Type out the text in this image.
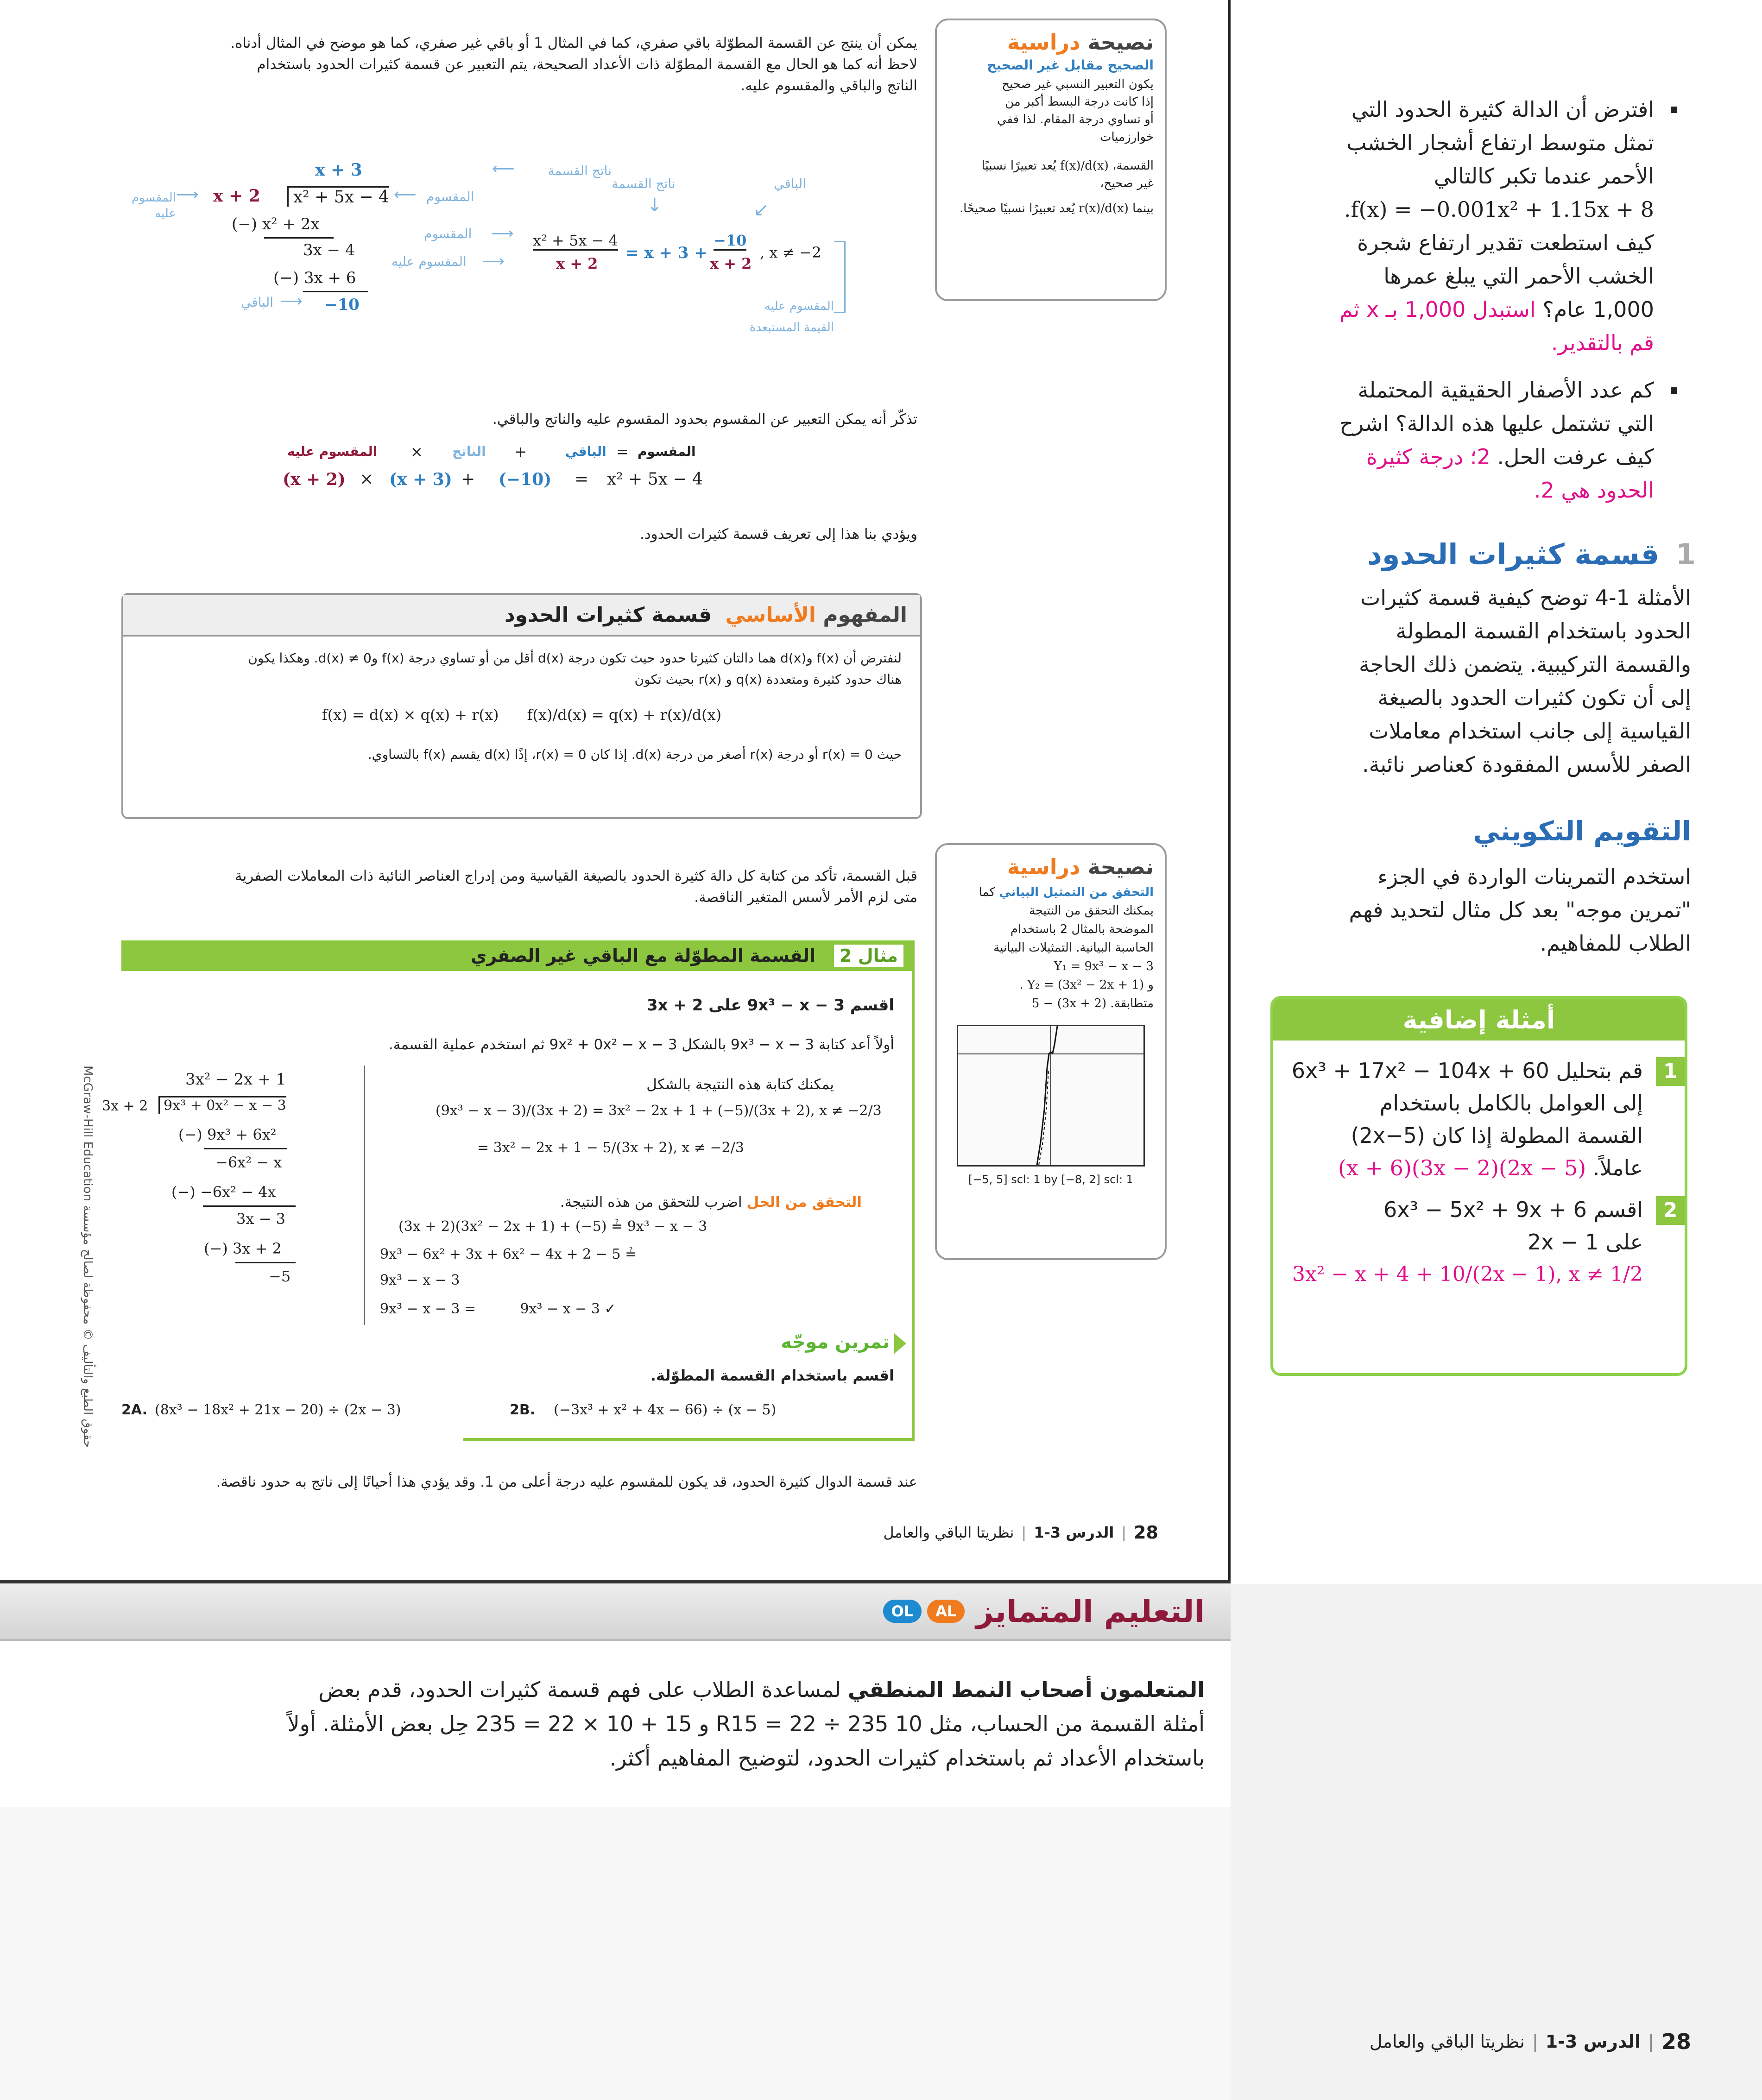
يمكن أن ينتج عن القسمة المطوّلة باقي صفري، كما في المثال 1 أو باقي غير صفري، كما هو موضح في المثال أدناه.
لاحظ أنه كما هو الحال مع القسمة المطوّلة ذات الأعداد الصحيحة، يتم التعبير عن قسمة كثيرات الحدود باستخدام
الناتج والباقي والمقسوم عليه.
نصيحة دراسية
الصحيح مقابل غير الصحيح
يكون التعبير النسبي غير صحيح
إذا كانت درجة البسط أكبر من
أو تساوي درجة المقام. لذا ففي
خوارزميات
القسمة، f(x)/d(x) يُعد تعبيرًا نسبيًا
غير صحيح،
بينما r(x)/d(x) يُعد تعبيرًا نسبيًا صحيحًا.
ناتج القسمة
⟵
x + 3
المقسوم عليه
⟶ x + 2	x² + 5x − 4 ⟵ المقسوم
(−) x² + 2x
3x − 4
(−) 3x + 6
الباقي ⟶ −10
ناتج القسمة	الباقي
↓	↙
المقسوم
المقسوم عليه
⟶
⟶
x² + 5x − 4
x + 2
= x + 3 +
−10
x + 2
, x ≠ −2
المقسوم عليه
القيمة المستبعدة
تذكّر أنه يمكن التعبير عن المقسوم بحدود المقسوم عليه والناتج والباقي.
المقسوم عليه × الناتج +	الباقي = المقسوم
(x + 2) × (x + 3) + (−10) = x² + 5x − 4
ويؤدي بنا هذا إلى تعريف قسمة كثيرات الحدود.
المفهوم الأساسي قسمة كثيرات الحدود
لنفترض أن f(x) وd(x) هما دالتان كثيرتا حدود حيث تكون درجة d(x) أقل من أو تساوي درجة f(x) وd(x) ≠ 0. وهكذا يكون
هناك حدود كثيرة ومتعددة q(x) و r(x) بحيث تكون
f(x) = d(x) × q(x) + r(x)      f(x)/d(x) = q(x) + r(x)/d(x)
حيث r(x) = 0 أو درجة r(x) أصغر من درجة d(x). إذا كان r(x) = 0، إذًا d(x) يقسم f(x) بالتساوي.
قبل القسمة، تأكد من كتابة كل دالة كثيرة الحدود بالصيغة القياسية ومن إدراج العناصر النائبة ذات المعاملات الصفرية
متى لزم الأمر لأسس المتغير الناقصة.
نصيحة دراسية
التحقق من التمثيل البياني كما
يمكنك التحقق من النتيجة
الموضحة بالمثال 2 باستخدام
الحاسبة البيانية. التمثيلات البيانية
Y₁ = 9x³ − x − 3
و Y₂ = (3x² − 2x + 1) .
متطابقة. (3x + 2) − 5
[−5, 5] scl: 1 by [−8, 2] scl: 1
مثال 2
القسمة المطوّلة مع الباقي غير الصفري
اقسم 9x³ − x − 3 على 3x + 2
أولاً أعد كتابة 9x³ − x − 3 بالشكل 9x² + 0x² − x − 3 ثم استخدم عملية القسمة.
3x² − 2x + 1
3x + 2	9x³ + 0x² − x − 3
(−) 9x³ + 6x²
−6x² − x
(−) −6x² − 4x
3x − 3
(−) 3x + 2
−5
يمكنك كتابة هذه النتيجة بالشكل
(9x³ − x − 3)/(3x + 2) = 3x² − 2x + 1 + (−5)/(3x + 2), x ≠ −2/3
= 3x² − 2x + 1 − 5/(3x + 2), x ≠ −2/3
التحقق من الحل اضرب للتحقق من هذه النتيجة.
(3x + 2)(3x² − 2x + 1) + (−5) ≟ 9x³ − x − 3
9x³ − 6x² + 3x + 6x² − 4x + 2 − 5 ≟
9x³ − x − 3
9x³ − x − 3 =          9x³ − x − 3 ✓
تمرين موجّه
اقسم باستخدام القسمة المطوّلة.
2A. (8x³ − 18x² + 21x − 20) ÷ (2x − 3)	2B. (−3x³ + x² + 4x − 66) ÷ (x − 5)
عند قسمة الدوال كثيرة الحدود، قد يكون للمقسوم عليه درجة أعلى من 1. وقد يؤدي هذا أحيانًا إلى ناتج به حدود ناقصة.
حقوق الطبع والتأليف © محفوظة لصالح مؤسسة McGraw-Hill Education
28
|
الدرس 3-1
|
نظريتا الباقي والعامل
افترض أن الدالة كثيرة الحدود التي
تمثل متوسط ارتفاع أشجار الخشب
الأحمر عندما تكبر كالتالي
f(x) = −0.001x² + 1.15x + 8.
كيف استطعت تقدير ارتفاع شجرة
الخشب الأحمر التي يبلغ عمرها
1,000 عام؟ استبدل 1,000 بـ x ثم
قم بالتقدير.
كم عدد الأصفار الحقيقية المحتملة
التي تشتمل عليها هذه الدالة؟ اشرح
كيف عرفت الحل. 2؛ درجة كثيرة
الحدود هي 2.
1 قسمة كثيرات الحدود
الأمثلة 1-4 توضح كيفية قسمة كثيرات
الحدود باستخدام القسمة المطولة
والقسمة التركيبية. يتضمن ذلك الحاجة
إلى أن تكون كثيرات الحدود بالصيغة
القياسية إلى جانب استخدام معاملات
الصفر للأسس المفقودة كعناصر نائبة.
التقويم التكويني
استخدم التمرينات الواردة في الجزء
"تمرين موجه" بعد كل مثال لتحديد فهم
الطلاب للمفاهيم.
أمثلة إضافية
1
قم بتحليل 6x³ + 17x² − 104x + 60
إلى العوامل بالكامل باستخدام
القسمة المطولة إذا كان (2x−5)
عاملاً. (2x − 5)(3x − 2)(x + 6)
2
اقسم 6x³ − 5x² + 9x + 6
على 2x − 1
3x² − x + 4 + 10/(2x − 1), x ≠ 1/2
التعليم المتمايز
AL
OL
المتعلمون أصحاب النمط المنطقي لمساعدة الطلاب على فهم قسمة كثيرات الحدود، قدم بعض
أمثلة القسمة من الحساب، مثل 10 R15 = 22 ÷ 235 و 15 + 10 × 22 = 235 حِل بعض الأمثلة. أولاً
باستخدام الأعداد ثم باستخدام كثيرات الحدود، لتوضيح المفاهيم أكثر.
28
|
الدرس 3-1
|
نظريتا الباقي والعامل
